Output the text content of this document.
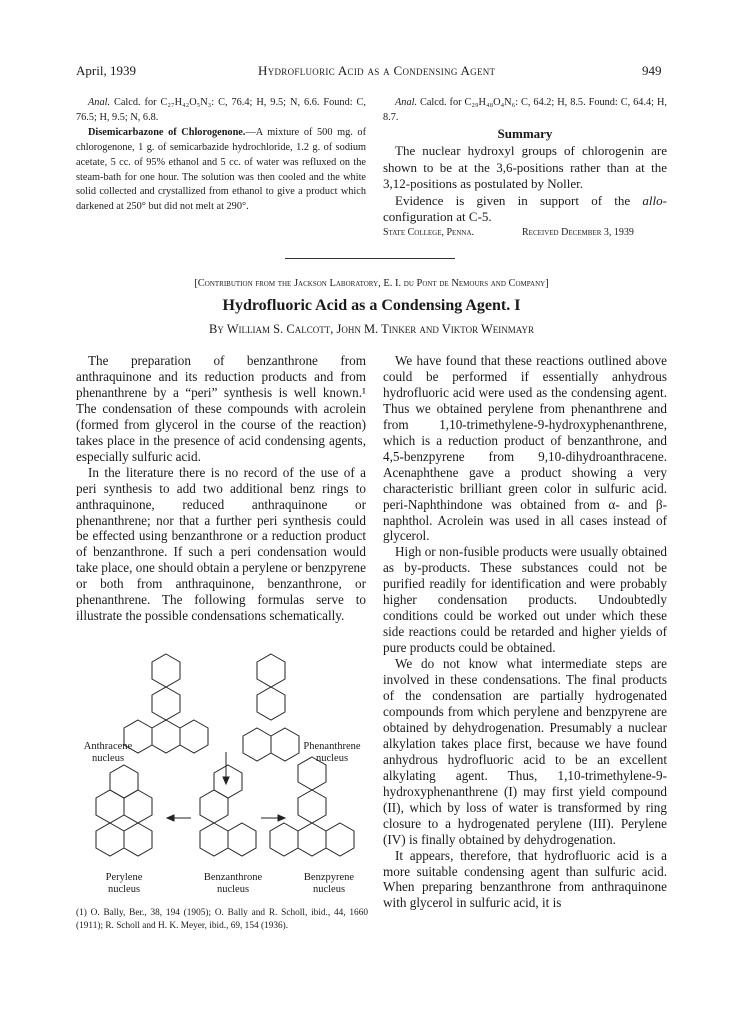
April, 1939	Hydrofluoric Acid as a Condensing Agent	949

Anal. Calcd. for C₂₇H₄₂O₅N₃: C, 76.4; H, 9.5; N, 6.6. Found: C, 76.5; H, 9.5; N, 6.8.

Disemicarbazone of Chlorogenone.—A mixture of 500 mg. of chlorogenone, 1 g. of semicarbazide hydrochloride, 1.2 g. of sodium acetate, 5 cc. of 95% ethanol and 5 cc. of water was refluxed on the steam-bath for one hour. The solution was then cooled and the white solid collected and crystallized from ethanol to give a product which darkened at 250° but did not melt at 290°.

Anal. Calcd. for C₂₉H₄₈O₄N₆: C, 64.2; H, 8.5. Found: C, 64.4; H, 8.7.

Summary

The nuclear hydroxyl groups of chlorogenin are shown to be at the 3,6-positions rather than at the 3,12-positions as postulated by Noller.

Evidence is given in support of the allo-configuration at C-5.

State College, Penna.	Received December 3, 1939
[Contribution from the Jackson Laboratory, E. I. du Pont de Nemours and Company]
Hydrofluoric Acid as a Condensing Agent. I
By William S. Calcott, John M. Tinker and Viktor Weinmayr

The preparation of benzanthrone from anthraquinone and its reduction products and from phenanthrene by a “peri” synthesis is well known.¹ The condensation of these compounds with acrolein (formed from glycerol in the course of the reaction) takes place in the presence of acid condensing agents, especially sulfuric acid.

In the literature there is no record of the use of a peri synthesis to add two additional benz rings to anthraquinone, reduced anthraquinone or phenanthrene; nor that a further peri synthesis could be effected using benzanthrone or a reduction product of benzanthrone. If such a peri condensation would take place, one should obtain a perylene or benzpyrene or both from anthraquinone, benzanthrone, or phenanthrene. The following formulas serve to illustrate the possible condensations schematically.

Anthracene nucleus
Phenanthrene nucleus
Perylene nucleus
Benzanthrone nucleus
Benzpyrene nucleus
(1) O. Bally, Ber., 38, 194 (1905); O. Bally and R. Scholl, ibid., 44, 1660 (1911); R. Scholl and H. K. Meyer, ibid., 69, 154 (1936).

We have found that these reactions outlined above could be performed if essentially anhydrous hydrofluoric acid were used as the condensing agent. Thus we obtained perylene from phenanthrene and from 1,10-trimethylene-9-hydroxyphenanthrene, which is a reduction product of benzanthrone, and 4,5-benzpyrene from 9,10-dihydroanthracene. Acenaphthene gave a product showing a very characteristic brilliant green color in sulfuric acid. peri-Naphthindone was obtained from α- and β-naphthol. Acrolein was used in all cases instead of glycerol.

High or non-fusible products were usually obtained as by-products. These substances could not be purified readily for identification and were probably higher condensation products. Undoubtedly conditions could be worked out under which these side reactions could be retarded and higher yields of pure products could be obtained.

We do not know what intermediate steps are involved in these condensations. The final products of the condensation are partially hydrogenated compounds from which perylene and benzpyrene are obtained by dehydrogenation. Presumably a nuclear alkylation takes place first, because we have found anhydrous hydrofluoric acid to be an excellent alkylating agent. Thus, 1,10-trimethylene-9-hydroxyphenanthrene (I) may first yield compound (II), which by loss of water is transformed by ring closure to a hydrogenated perylene (III). Perylene (IV) is finally obtained by dehydrogenation.

It appears, therefore, that hydrofluoric acid is a more suitable condensing agent than sulfuric acid. When preparing benzanthrone from anthraquinone with glycerol in sulfuric acid, it is
